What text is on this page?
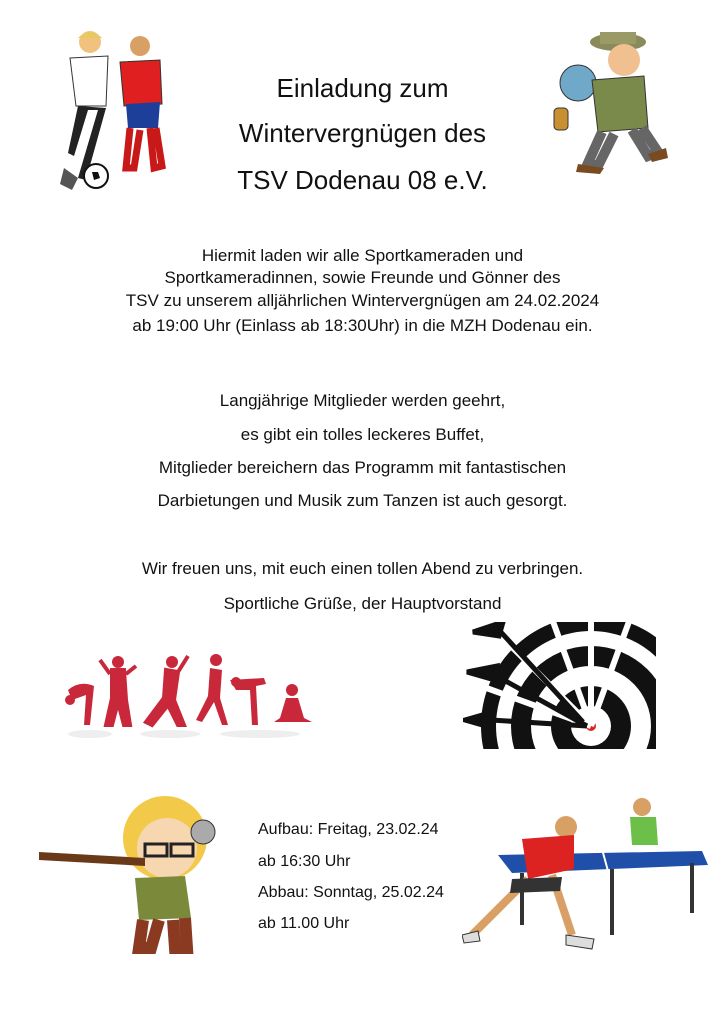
Einladung zum
Wintervergnügen des
TSV Dodenau 08 e.V.
Hiermit laden wir alle Sportkameraden und
Sportkameradinnen, sowie Freunde und Gönner des
TSV zu unserem alljährlichen Wintervergnügen am 24.02.2024
ab 19:00 Uhr (Einlass ab 18:30Uhr) in die MZH Dodenau ein.
Langjährige Mitglieder werden geehrt,
es gibt ein tolles leckeres Buffet,
Mitglieder bereichern das Programm mit fantastischen
Darbietungen und Musik zum Tanzen ist auch gesorgt.
Wir freuen uns, mit euch einen tollen Abend zu verbringen.
Sportliche Grüße, der Hauptvorstand
Aufbau: Freitag, 23.02.24
ab 16:30 Uhr
Abbau: Sonntag, 25.02.24
ab 11.00 Uhr
